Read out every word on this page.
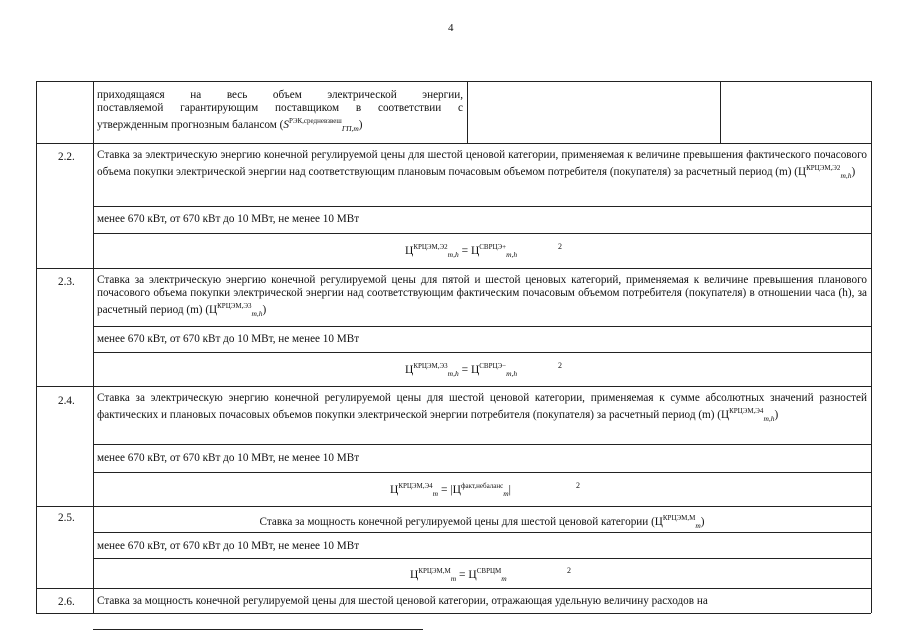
4
приходящаяся на весь объем электрической энергии,
поставляемой гарантирующим поставщиком в соответствии с
утвержденным прогнозным балансом $(S^{РЭК,средневзвеш}_{ГП,m})$
2.2. Ставка за электрическую энергию конечной регулируемой цены для шестой ценовой категории, применяемая к величине превышения фактического почасового объема покупки электрической энергии над соответствующим плановым почасовым объемом потребителя (покупателя) за расчетный период (m) $(Ц^{КРЦЭМ,Э2}_{m,h})$
менее 670 кВт, от 670 кВт до 10 МВт, не менее 10 МВт
$Ц^{КРЦЭМ,Э2}_{m,h} = Ц^{СВРЦЭ+}_{m,h}$
2
2.3. Ставка за электрическую энергию конечной регулируемой цены для пятой и шестой ценовых категорий, применяемая к величине превышения планового почасового объема покупки электрической энергии над соответствующим фактическим почасовым объемом потребителя (покупателя) в отношении часа (h), за расчетный период (m) $(Ц^{КРЦЭМ,Э3}_{m,h})$
менее 670 кВт, от 670 кВт до 10 МВт, не менее 10 МВт
$Ц^{КРЦЭМ,Э3}_{m,h} = Ц^{СВРЦЭ-}_{m,h}$
2
2.4. Ставка за электрическую энергию конечной регулируемой цены для шестой ценовой категории, применяемая к сумме абсолютных значений разностей фактических и плановых почасовых объемов покупки электрической энергии потребителя (покупателя) за расчетный период (m) $(Ц^{КРЦЭМ,Э4}_{m,h})$
менее 670 кВт, от 670 кВт до 10 МВт, не менее 10 МВт
$Ц^{КРЦЭМ,Э4}_m = |Ц^{факт,небаланс}_m|$	2
2.5.	Ставка за мощность конечной регулируемой цены для шестой ценовой категории $(Ц^{КРЦЭМ,М}_m)$
менее 670 кВт, от 670 кВт до 10 МВт, не менее 10 МВт
$Ц^{КРЦЭМ,М}_m = Ц^{СВРЦМ}_m$
2
2.6. Ставка за мощность конечной регулируемой цены для шестой ценовой категории, отражающая удельную величину расходов на
